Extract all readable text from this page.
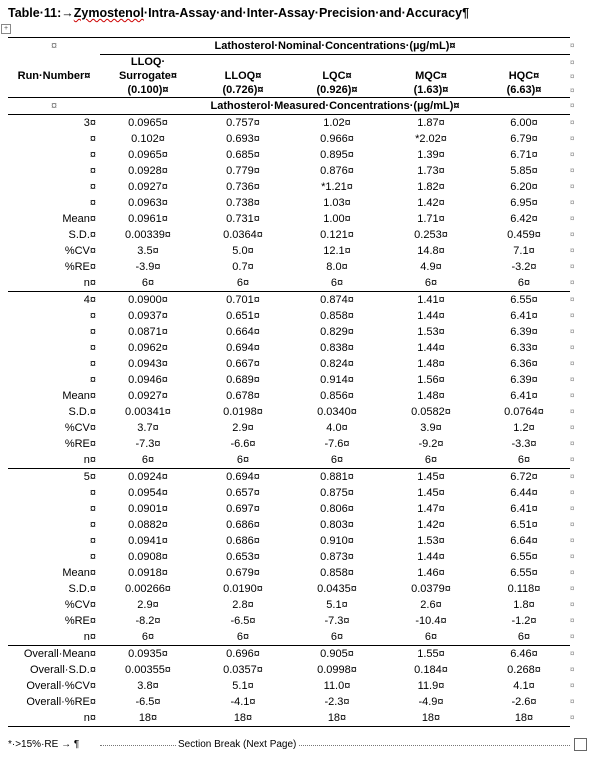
Table·11:→Zymostenol·Intra-Assay·and·Inter-Assay·Precision·and·Accuracy¶
+
¤	Lathosterol·Nominal·Concentrations·(µg/mL)¤				
	LLOQ·				
Run·Number¤	Surrogate¤	LLOQ¤	LQC¤	MQC¤	HQC¤
	(0.100)¤	(0.726)¤	(0.926)¤	(1.63)¤	(6.63)¤
¤	Lathosterol·Measured·Concentrations·(µg/mL)¤				
3¤	0.0965¤	0.757¤	1.02¤	1.87¤	6.00¤
¤	0.102¤	0.693¤	0.966¤	*2.02¤	6.79¤
¤	0.0965¤	0.685¤	0.895¤	1.39¤	6.71¤
¤	0.0928¤	0.779¤	0.876¤	1.73¤	5.85¤
¤	0.0927¤	0.736¤	*1.21¤	1.82¤	6.20¤
¤	0.0963¤	0.738¤	1.03¤	1.42¤	6.95¤
Mean¤	0.0961¤	0.731¤	1.00¤	1.71¤	6.42¤
S.D.¤	0.00339¤	0.0364¤	0.121¤	0.253¤	0.459¤
%CV¤	3.5¤	5.0¤	12.1¤	14.8¤	7.1¤
%RE¤	-3.9¤	0.7¤	8.0¤	4.9¤	-3.2¤
n¤	6¤	6¤	6¤	6¤	6¤
4¤	0.0900¤	0.701¤	0.874¤	1.41¤	6.55¤
¤	0.0937¤	0.651¤	0.858¤	1.44¤	6.41¤
¤	0.0871¤	0.664¤	0.829¤	1.53¤	6.39¤
¤	0.0962¤	0.694¤	0.838¤	1.44¤	6.33¤
¤	0.0943¤	0.667¤	0.824¤	1.48¤	6.36¤
¤	0.0946¤	0.689¤	0.914¤	1.56¤	6.39¤
Mean¤	0.0927¤	0.678¤	0.856¤	1.48¤	6.41¤
S.D.¤	0.00341¤	0.0198¤	0.0340¤	0.0582¤	0.0764¤
%CV¤	3.7¤	2.9¤	4.0¤	3.9¤	1.2¤
%RE¤	-7.3¤	-6.6¤	-7.6¤	-9.2¤	-3.3¤
n¤	6¤	6¤	6¤	6¤	6¤
5¤	0.0924¤	0.694¤	0.881¤	1.45¤	6.72¤
¤	0.0954¤	0.657¤	0.875¤	1.45¤	6.44¤
¤	0.0901¤	0.697¤	0.806¤	1.47¤	6.41¤
¤	0.0882¤	0.686¤	0.803¤	1.42¤	6.51¤
¤	0.0941¤	0.686¤	0.910¤	1.53¤	6.64¤
¤	0.0908¤	0.653¤	0.873¤	1.44¤	6.55¤
Mean¤	0.0918¤	0.679¤	0.858¤	1.46¤	6.55¤
S.D.¤	0.00266¤	0.0190¤	0.0435¤	0.0379¤	0.118¤
%CV¤	2.9¤	2.8¤	5.1¤	2.6¤	1.8¤
%RE¤	-8.2¤	-6.5¤	-7.3¤	-10.4¤	-1.2¤
n¤	6¤	6¤	6¤	6¤	6¤
Overall·Mean¤	0.0935¤	0.696¤	0.905¤	1.55¤	6.46¤
Overall·S.D.¤	0.00355¤	0.0357¤	0.0998¤	0.184¤	0.268¤
Overall·%CV¤	3.8¤	5.1¤	11.0¤	11.9¤	4.1¤
Overall·%RE¤	-6.5¤	-4.1¤	-2.3¤	-4.9¤	-2.6¤
n¤	18¤	18¤	18¤	18¤	18¤
*·>15%·RE → ¶	Section Break (Next Page)
¤
¤
¤
¤
¤
¤
¤
¤
¤
¤
¤
¤
¤
¤
¤
¤
¤
¤
¤
¤
¤
¤
¤
¤
¤
¤
¤
¤
¤
¤
¤
¤
¤
¤
¤
¤
¤
¤
¤
¤
¤
¤
¤
